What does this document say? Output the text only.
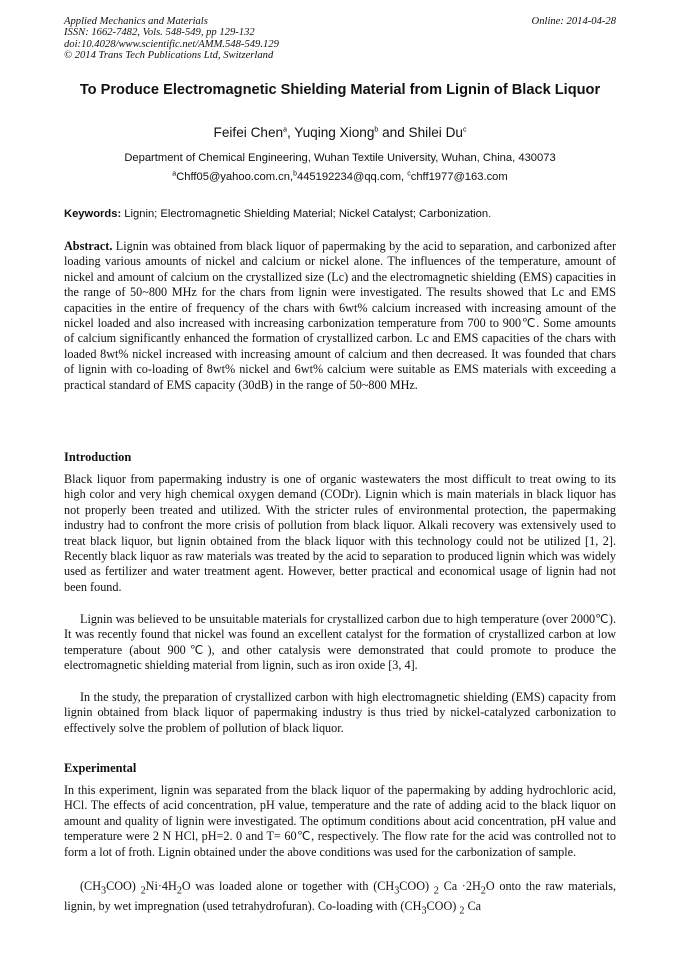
Applied Mechanics and Materials
ISSN: 1662-7482, Vols. 548-549, pp 129-132
doi:10.4028/www.scientific.net/AMM.548-549.129
© 2014 Trans Tech Publications Ltd, Switzerland
Online: 2014-04-28
To Produce Electromagnetic Shielding Material from Lignin of Black Liquor
Feifei Chen$^a$, Yuqing Xiong$^b$ and Shilei Du$^c$
Department of Chemical Engineering, Wuhan Textile University, Wuhan, China, 430073
$^a$Chff05@yahoo.com.cn,$^b$445192234@qq.com, $^c$chff1977@163.com
Keywords: Lignin; Electromagnetic Shielding Material; Nickel Catalyst; Carbonization.

Abstract. Lignin was obtained from black liquor of papermaking by the acid to separation, and carbonized after loading various amounts of nickel and calcium or nickel alone. The influences of the temperature, amount of nickel and amount of calcium on the crystallized size (Lc) and the electromagnetic shielding (EMS) capacities in the range of 50~800 MHz for the chars from lignin were investigated. The results showed that Lc and EMS capacities in the entire of frequency of the chars with 6wt% calcium increased with increasing amount of the nickel loaded and also increased with increasing carbonization temperature from 700 to 900℃. Some amounts of calcium significantly enhanced the formation of crystallized carbon. Lc and EMS capacities of the chars with loaded 8wt% nickel increased with increasing amount of calcium and then decreased. It was founded that chars of lignin with co-loading of 8wt% nickel and 6wt% calcium were suitable as EMS materials with exceeding a practical standard of EMS capacity (30dB) in the range of 50~800 MHz.

Introduction

Black liquor from papermaking industry is one of organic wastewaters the most difficult to treat owing to its high color and very high chemical oxygen demand (CODr). Lignin which is main materials in black liquor has not properly been treated and utilized. With the stricter rules of environmental protection, the papermaking industry had to confront the more crisis of pollution from black liquor. Alkali recovery was extensively used to treat black liquor, but lignin obtained from the black liquor with this technology could not be utilized [1, 2]. Recently black liquor as raw materials was treated by the acid to separation to produced lignin which was widely used as fertilizer and water treatment agent. However, better practical and economical usage of lignin had not been found.

Lignin was believed to be unsuitable materials for crystallized carbon due to high temperature (over 2000℃). It was recently found that nickel was found an excellent catalyst for the formation of crystallized carbon at low temperature (about 900℃), and other catalysis were demonstrated that could promote to produce the electromagnetic shielding material from lignin, such as iron oxide [3, 4].

In the study, the preparation of crystallized carbon with high electromagnetic shielding (EMS) capacity from lignin obtained from black liquor of papermaking industry is thus tried by nickel-catalyzed carbonization to effectively solve the problem of pollution of black liquor.

Experimental

In this experiment, lignin was separated from the black liquor of the papermaking by adding hydrochloric acid, HCl. The effects of acid concentration, pH value, temperature and the rate of adding acid to the black liquor on amount and quality of lignin were investigated. The optimum conditions about acid concentration, pH value and temperature were 2 N HCl, pH=2. 0 and T= 60℃, respectively. The flow rate for the acid was controlled not to form a lot of froth. Lignin obtained under the above conditions was used for the carbonization of sample.

$(CH_3COO)$ $_2Ni\cdot 4H_2O$ was loaded alone or together with $(CH_3COO)$ $_2$ $Ca \cdot 2H_2O$ onto the raw materials, lignin, by wet impregnation (used tetrahydrofuran). Co-loading with $(CH_3COO)$ $_2$ Ca
